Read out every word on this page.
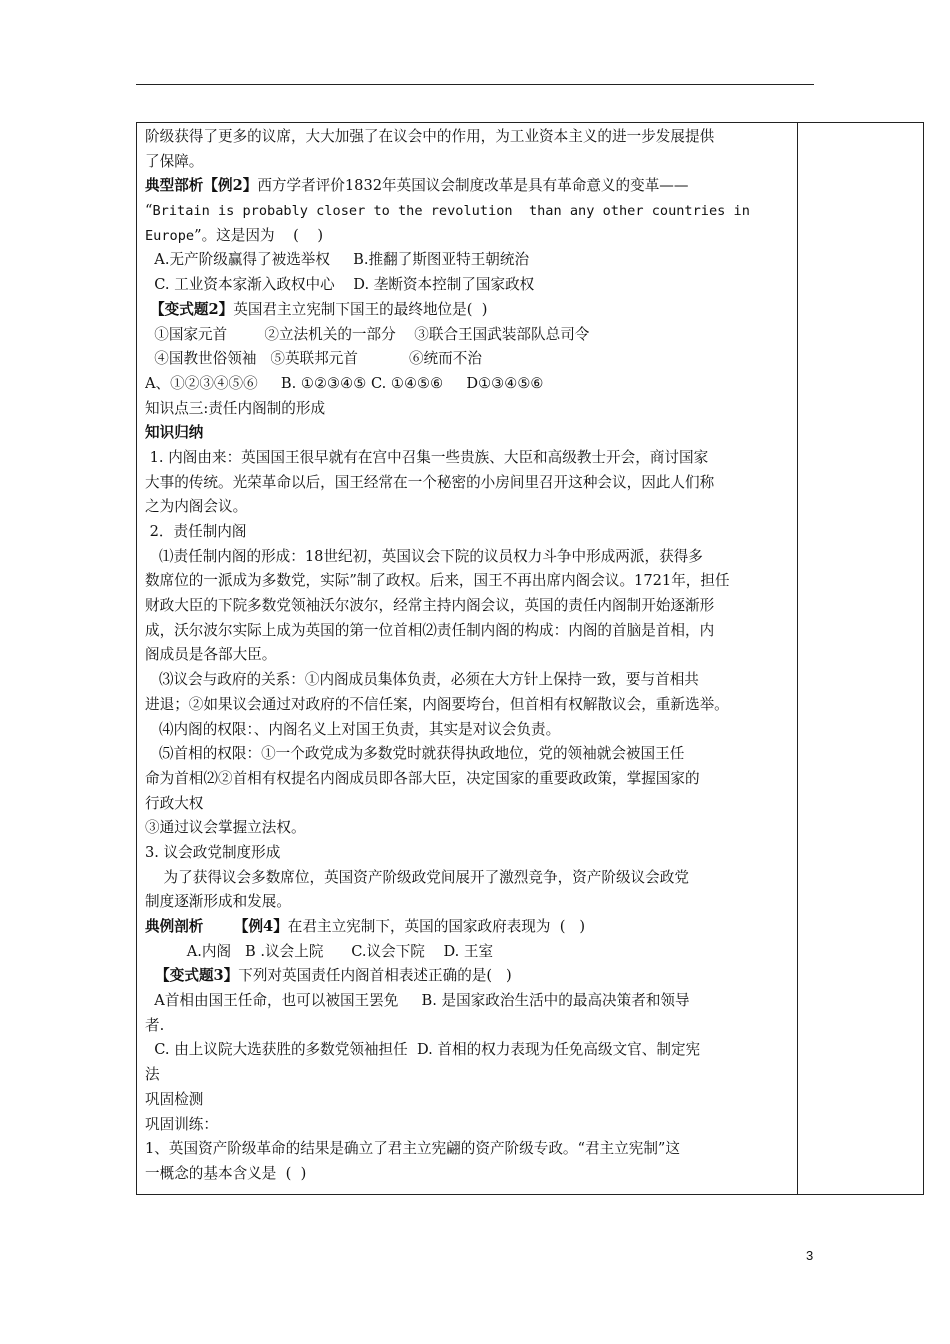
阶级获得了更多的议席，大大加强了在议会中的作用，为工业资本主义的进一步发展提供
了保障。
典型部析【例2】西方学者评价1832年英国议会制度改革是具有革命意义的变革——
“Britain is probably closer to the revolution  than any other countries in
Europe”。这是因为    (    )
A.无产阶级赢得了被选举权     B.推翻了斯图亚特王朝统治
C. 工业资本家渐入政权中心    D. 垄断资本控制了国家政权
【变式题2】英国君主立宪制下国王的最终地位是(  )
①国家元首        ②立法机关的一部分    ③联合王国武装部队总司令
④国教世俗领袖   ⑤英联邦元首           ⑥统而不治
A、①②③④⑤⑥     B. ①②③④⑤ C. ①④⑤⑥     D①③④⑤⑥
知识点三:责任内阁制的形成
知识归纳
1. 内阁由来：英国国王很早就有在宫中召集一些贵族、大臣和高级教士开会，商讨国家
大事的传统。光荣革命以后，国王经常在一个秘密的小房间里召开这种会议，因此人们称
之为内阁会议。
2．责任制内阁
⑴责任制内阁的形成：18世纪初，英国议会下院的议员权力斗争中形成两派，获得多
数席位的一派成为多数党，实际”制了政权。后来，国王不再出席内阁会议。1721年，担任
财政大臣的下院多数党领袖沃尔波尔，经常主持内阁会议，英国的责任内阁制开始逐渐形
成，沃尔波尔实际上成为英国的第一位首相⑵责任制内阁的构成：内阁的首脑是首相，内
阁成员是各部大臣。
⑶议会与政府的关系：①内阁成员集体负责，必须在大方针上保持一致，要与首相共
进退；②如果议会通过对政府的不信任案，内阁要垮台，但首相有权解散议会，重新选举。
⑷内阁的权限：、内阁名义上对国王负责，其实是对议会负责。
⑸首相的权限：①一个政党成为多数党时就获得执政地位，党的领袖就会被国王任
命为首相⑵②首相有权提名内阁成员即各部大臣，决定国家的重要政政策，掌握国家的
行政大权
③通过议会掌握立法权。
3. 议会政党制度形成
为了获得议会多数席位，英国资产阶级政党间展开了激烈竞争，资产阶级议会政党
制度逐渐形成和发展。
典例剖析      【例4】在君主立宪制下，英国的国家政府表现为  (   )
A.内阁   B .议会上院      C.议会下院    D. 王室
【变式题3】下列对英国责任内阁首相表述正确的是(   )
A首相由国王任命，也可以被国王罢免     B. 是国家政治生活中的最高决策者和领导
者.
C. 由上议院大选获胜的多数党领袖担任  D. 首相的权力表现为任免高级文官、制定宪
法
巩固检测
巩固训练：
1、英国资产阶级革命的结果是确立了君主立宪翩的资产阶级专政。“君主立宪制”这
一概念的基本含义是  (  )
3
